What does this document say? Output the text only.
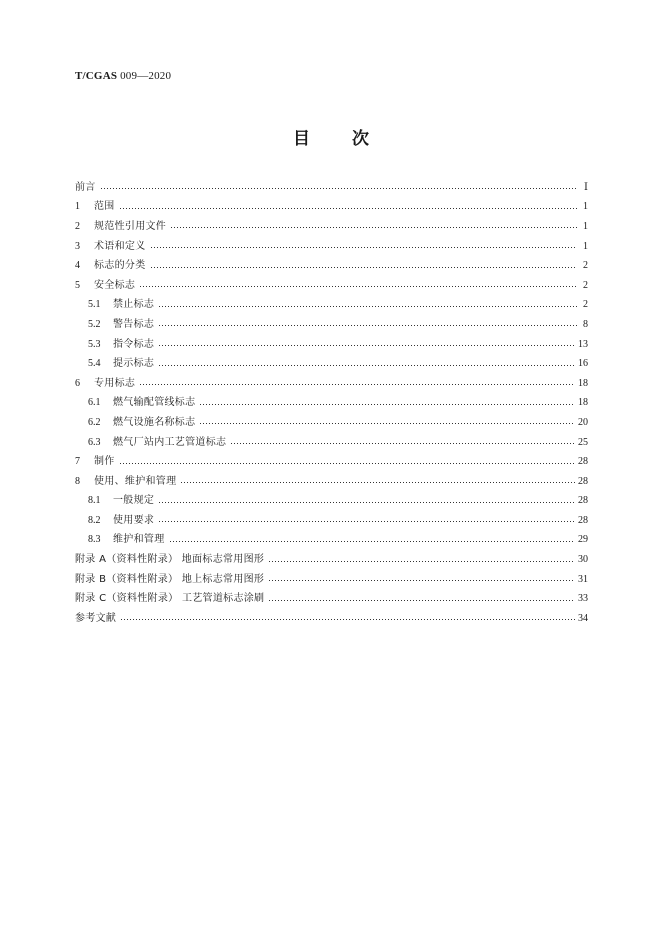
T/CGAS 009—2020
目次
前言	Ⅰ
1	范围	1
2	规范性引用文件	1
3	术语和定义	1
4	标志的分类	2
5	安全标志	2
5.1	禁止标志	2
5.2	警告标志	8
5.3	指令标志	13
5.4	提示标志	16
6	专用标志	18
6.1	燃气输配管线标志	18
6.2	燃气设施名称标志	20
6.3	燃气厂站内工艺管道标志	25
7	制作	28
8	使用、维护和管理	28
8.1	一般规定	28
8.2	使用要求	28
8.3	维护和管理	29
附录 A（资料性附录） 地面标志常用图形	30
附录 B（资料性附录） 地上标志常用图形	31
附录 C（资料性附录） 工艺管道标志涂刷	33
参考文献	34
